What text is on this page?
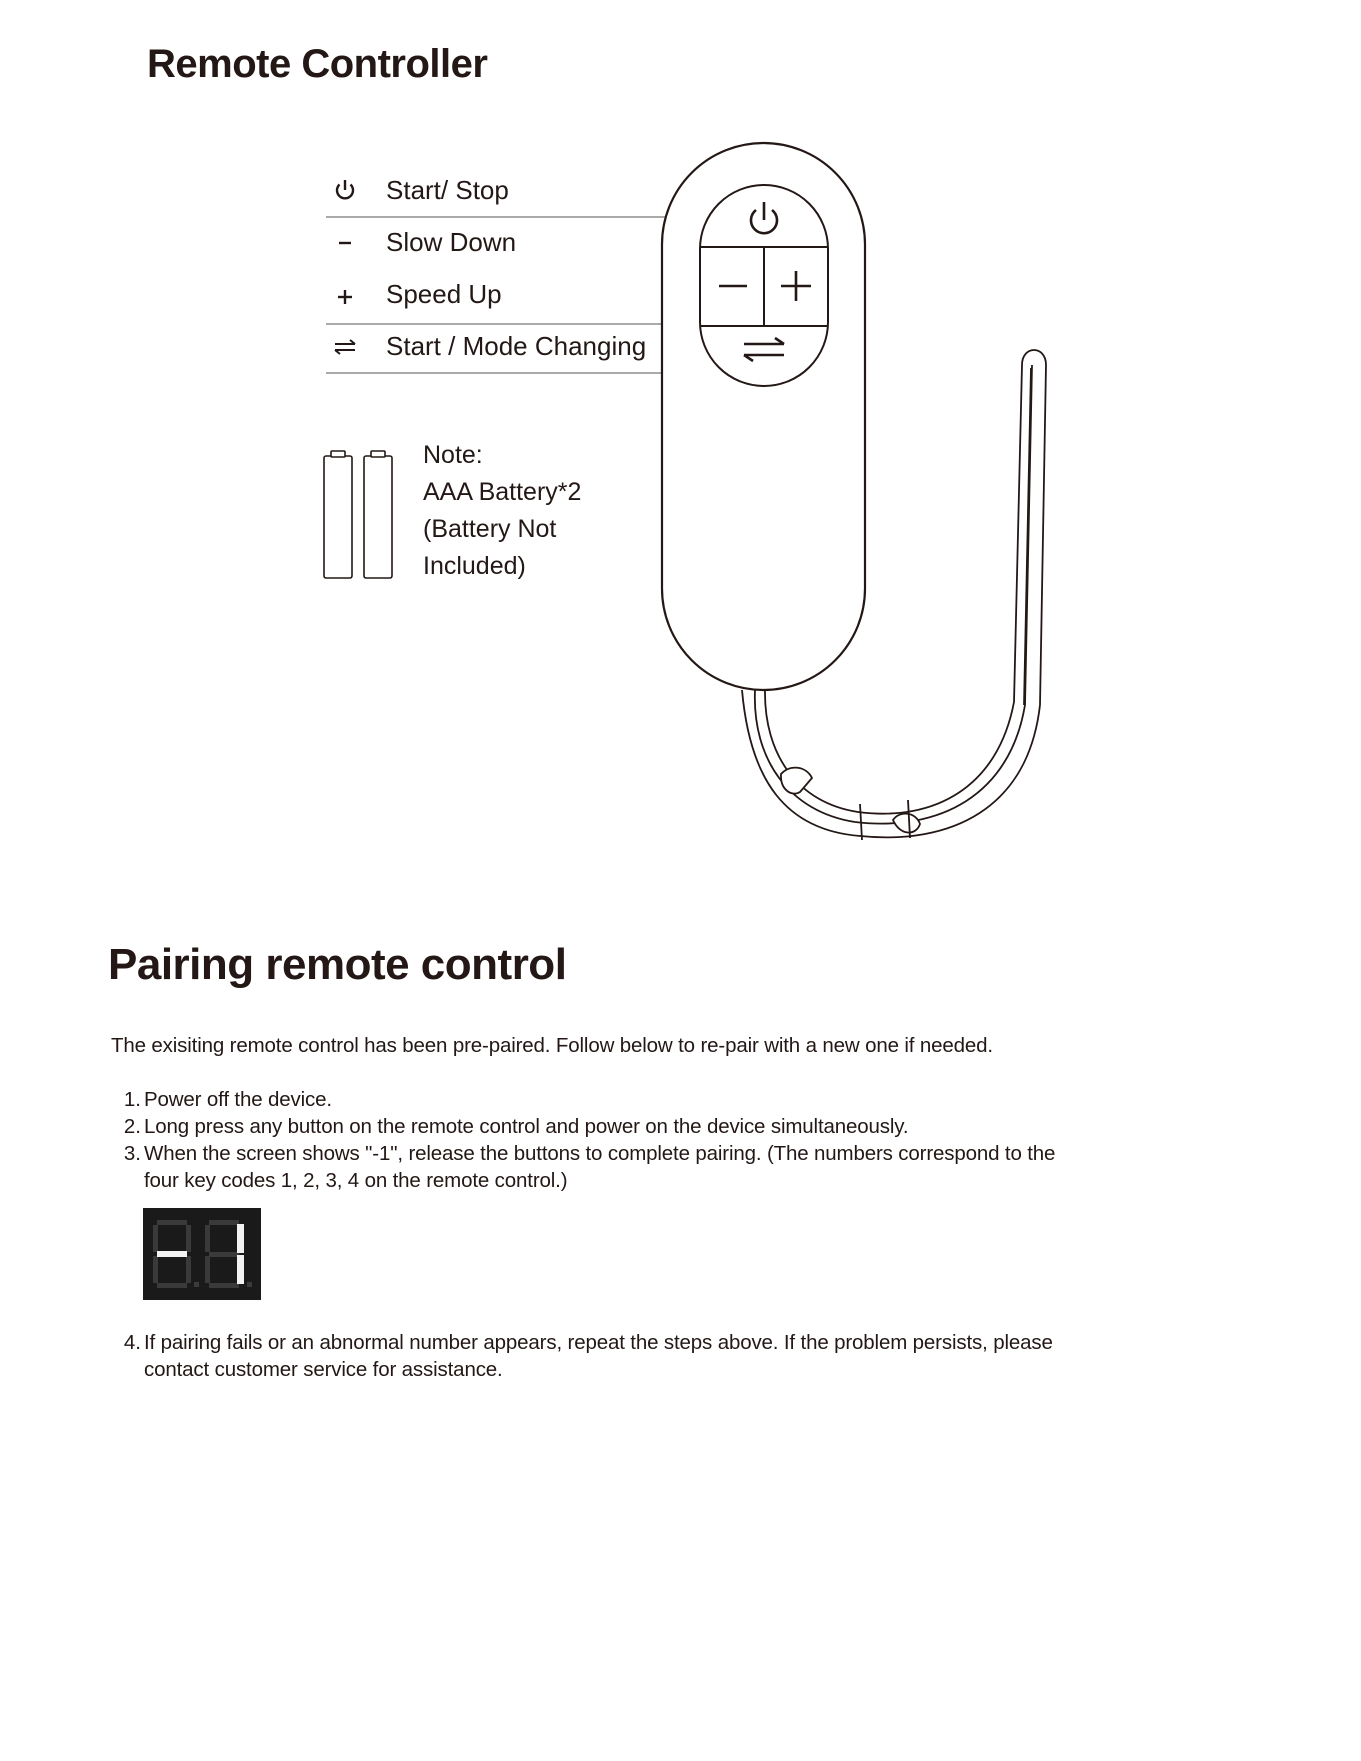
Remote Controller
Start/ Stop
Slow Down
Speed Up
Start / Mode Changing
Note:
AAA Battery*2
(Battery Not
Included)
Pairing remote control
The exisiting remote control has been pre-paired. Follow below to re-pair with a new one if needed.
1. Power off the device.
2. Long press any button on the remote control and power on the device simultaneously.
3. When the screen shows "-1", release the buttons to complete pairing. (The numbers correspond to the
four key codes 1, 2, 3, 4 on the remote control.)
4. If pairing fails or an abnormal number appears, repeat the steps above. If the problem persists, please
contact customer service for assistance.
